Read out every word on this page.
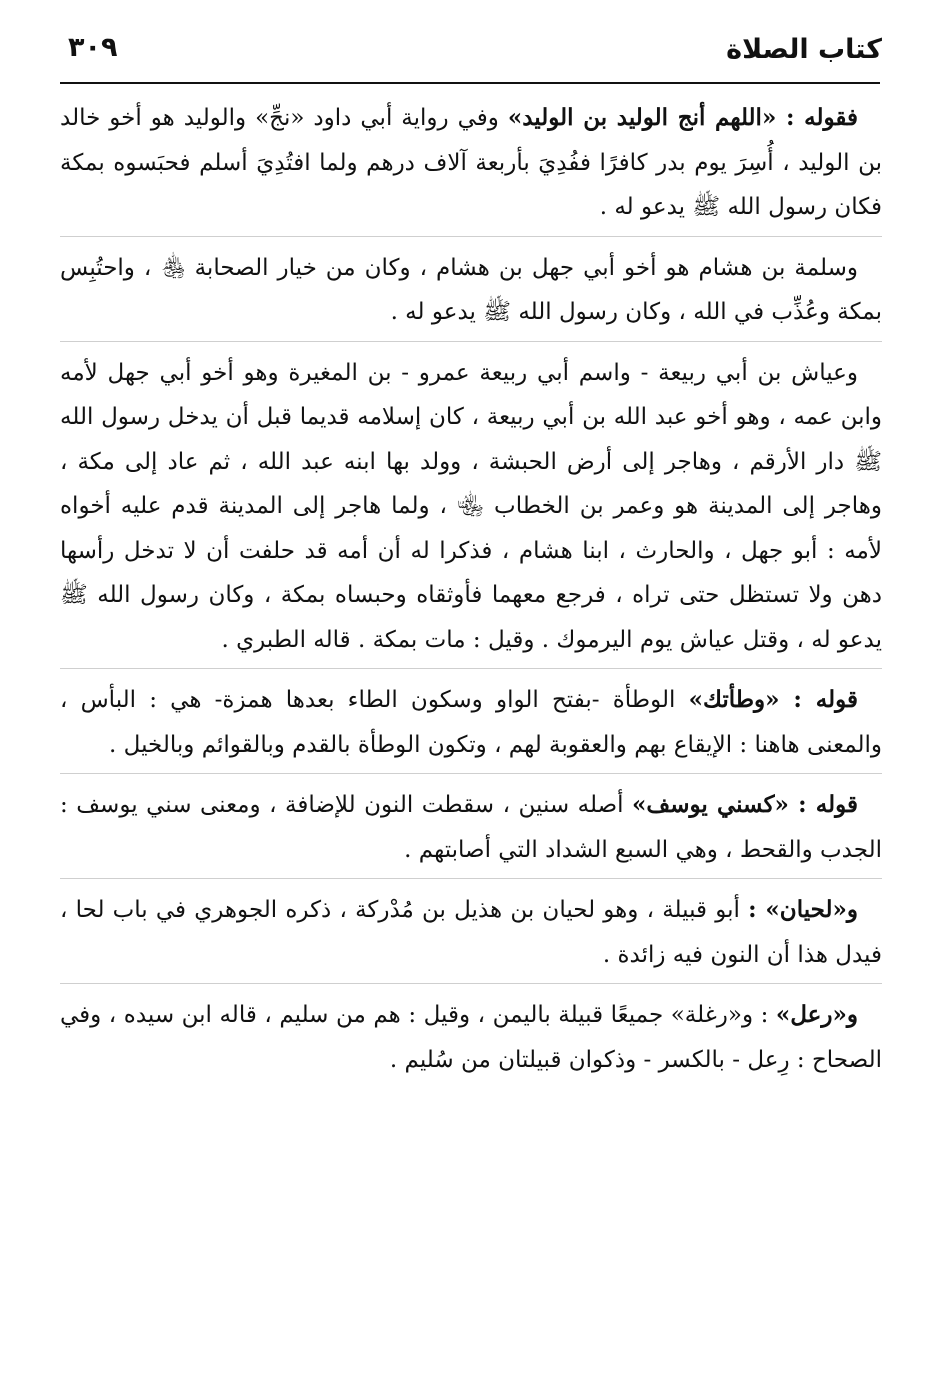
كتاب الصلاة
٣٠٩

فقوله : «اللهم أنج الوليد بن الوليد» وفي رواية أبي داود «نجِّ» والوليد هو أخو خالد بن الوليد ، أُسِرَ يوم بدر كافرًا ففُدِيَ بأربعة آلاف درهم ولما افتُدِيَ أسلم فحبَسوه بمكة فكان رسول الله ﷺ يدعو له .

وسلمة بن هشام هو أخو أبي جهل بن هشام ، وكان من خيار الصحابة ﵃ ، واحتُبِس بمكة وعُذِّب في الله ، وكان رسول الله ﷺ يدعو له .

وعياش بن أبي ربيعة - واسم أبي ربيعة عمرو - بن المغيرة وهو أخو أبي جهل لأمه وابن عمه ، وهو أخو عبد الله بن أبي ربيعة ، كان إسلامه قديما قبل أن يدخل رسول الله ﷺ دار الأرقم ، وهاجر إلى أرض الحبشة ، وولد بها ابنه عبد الله ، ثم عاد إلى مكة ، وهاجر إلى المدينة هو وعمر بن الخطاب ﵄ ، ولما هاجر إلى المدينة قدم عليه أخواه لأمه : أبو جهل ، والحارث ، ابنا هشام ، فذكرا له أن أمه قد حلفت أن لا تدخل رأسها دهن ولا تستظل حتى تراه ، فرجع معهما فأوثقاه وحبساه بمكة ، وكان رسول الله ﷺ يدعو له ، وقتل عياش يوم اليرموك . وقيل : مات بمكة . قاله الطبري .

قوله : «وطأتك» الوطأة -بفتح الواو وسكون الطاء بعدها همزة- هي : البأس ، والمعنى هاهنا : الإيقاع بهم والعقوبة لهم ، وتكون الوطأة بالقدم وبالقوائم وبالخيل .

قوله : «كسني يوسف» أصله سنين ، سقطت النون للإضافة ، ومعنى سني يوسف : الجدب والقحط ، وهي السبع الشداد التي أصابتهم .

و«لحيان» : أبو قبيلة ، وهو لحيان بن هذيل بن مُدْركة ، ذكره الجوهري في باب لحا ، فيدل هذا أن النون فيه زائدة .

و«رعل» : و«رغلة» جميعًا قبيلة باليمن ، وقيل : هم من سليم ، قاله ابن سيده ، وفي الصحاح : رِعل - بالكسر - وذكوان قبيلتان من سُليم .
